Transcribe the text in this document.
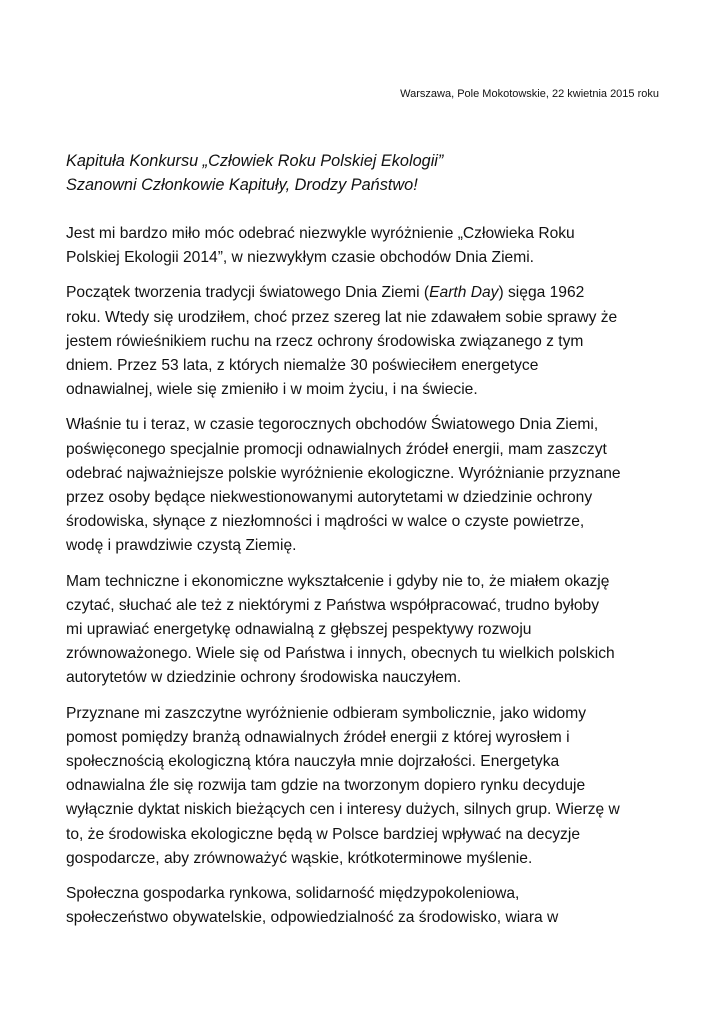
Warszawa, Pole Mokotowskie, 22 kwietnia 2015 roku
Kapituła Konkursu „Człowiek Roku Polskiej Ekologii”
Szanowni Członkowie Kapituły, Drodzy Państwo!

Jest mi bardzo miło móc odebrać niezwykle wyróżnienie „Człowieka Roku
Polskiej Ekologii 2014”, w niezwykłym czasie obchodów Dnia Ziemi.

Początek tworzenia tradycji światowego Dnia Ziemi (Earth Day) sięga 1962
roku. Wtedy się urodziłem, choć przez szereg lat nie zdawałem sobie sprawy że
jestem rówieśnikiem ruchu na rzecz ochrony środowiska związanego z tym
dniem. Przez 53 lata, z których niemalże 30 poświeciłem energetyce
odnawialnej, wiele się zmieniło i w moim życiu, i na świecie.

Właśnie tu i teraz, w czasie tegorocznych obchodów Światowego Dnia Ziemi,
poświęconego specjalnie promocji odnawialnych źródeł energii, mam zaszczyt
odebrać najważniejsze polskie wyróżnienie ekologiczne. Wyróżnianie przyznane
przez osoby będące niekwestionowanymi autorytetami w dziedzinie ochrony
środowiska, słynące z niezłomności i mądrości w walce o czyste powietrze,
wodę i prawdziwie czystą Ziemię.

Mam techniczne i ekonomiczne wykształcenie i gdyby nie to, że miałem okazję
czytać, słuchać ale też z niektórymi z Państwa współpracować, trudno byłoby
mi uprawiać energetykę odnawialną z głębszej pespektywy rozwoju
zrównoważonego. Wiele się od Państwa i innych, obecnych tu wielkich polskich
autorytetów w dziedzinie ochrony środowiska nauczyłem.

Przyznane mi zaszczytne wyróżnienie odbieram symbolicznie, jako widomy
pomost pomiędzy branżą odnawialnych źródeł energii z której wyrosłem i
społecznością ekologiczną która nauczyła mnie dojrzałości. Energetyka
odnawialna źle się rozwija tam gdzie na tworzonym dopiero rynku decyduje
wyłącznie dyktat niskich bieżących cen i interesy dużych, silnych grup. Wierzę w
to, że środowiska ekologiczne będą w Polsce bardziej wpływać na decyzje
gospodarcze, aby zrównoważyć wąskie, krótkoterminowe myślenie.

Społeczna gospodarka rynkowa, solidarność międzypokoleniowa,
społeczeństwo obywatelskie, odpowiedzialność za środowisko, wiara w
